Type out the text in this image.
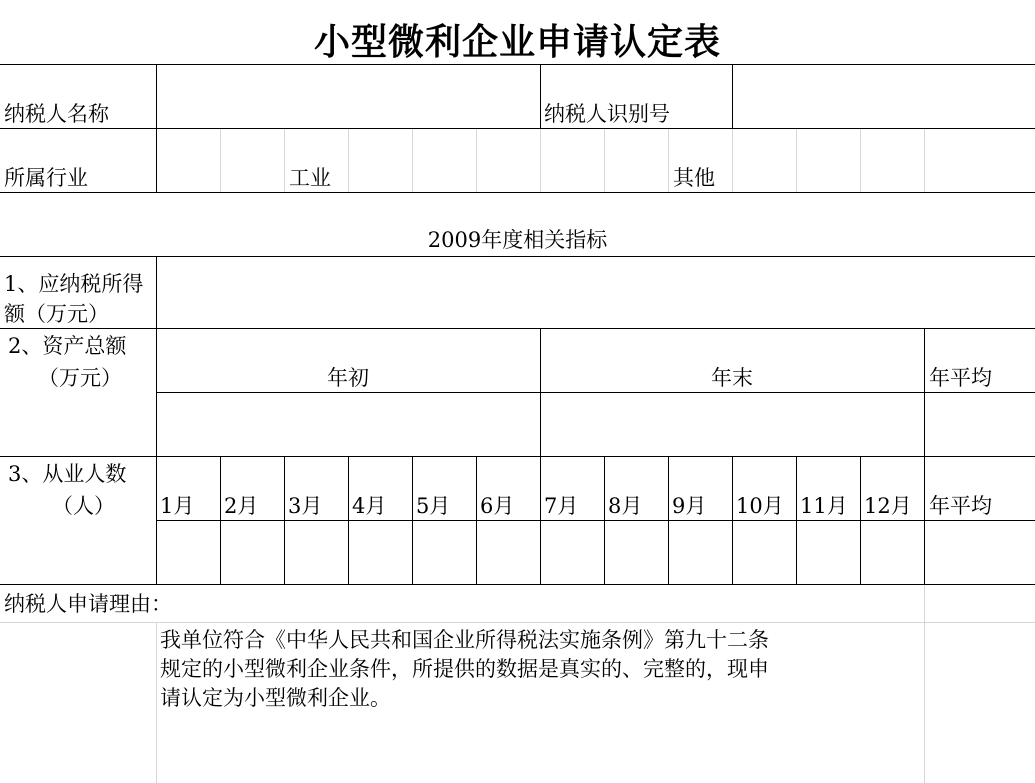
小型微利企业申请认定表
纳税人名称	纳税人识别号
所属行业	工业	其他
2009年度相关指标
1、应纳税所得
额（万元）
2、资产总额
（万元）	年初	年末	年平均
3、从业人数
（人） 1月 2月 3月 4月 5月 6月 7月 8月 9月 10月 11月 12月 年平均
纳税人申请理由：
我单位符合《中华人民共和国企业所得税法实施条例》第九十二条
规定的小型微利企业条件，所提供的数据是真实的、完整的，现申
请认定为小型微利企业。
